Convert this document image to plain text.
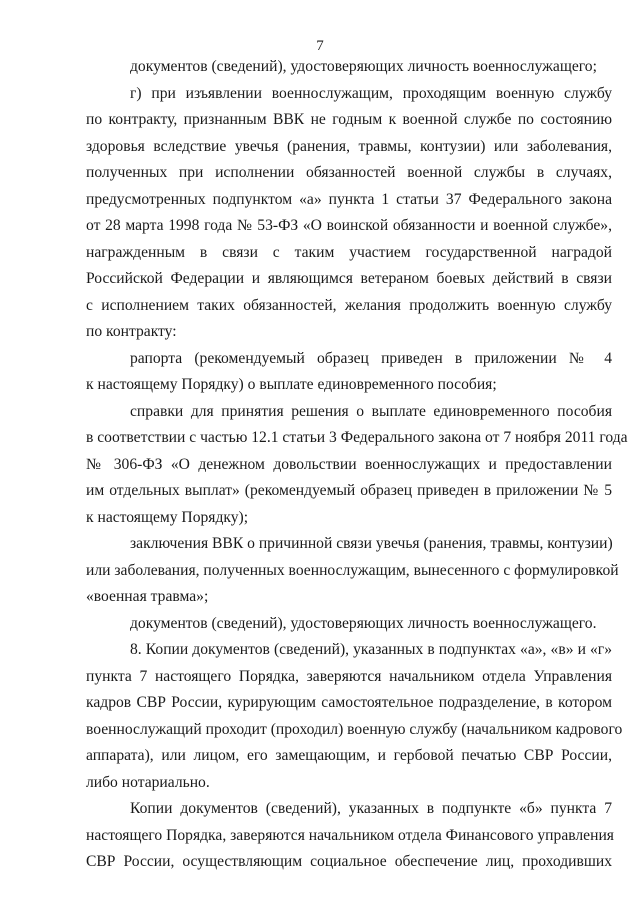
7
документов (сведений), удостоверяющих личность военнослужащего;
г) при изъявлении военнослужащим, проходящим военную службу
по контракту, признанным ВВК не годным к военной службе по состоянию
здоровья вследствие увечья (ранения, травмы, контузии) или заболевания,
полученных при исполнении обязанностей военной службы в случаях,
предусмотренных подпунктом «а» пункта 1 статьи 37 Федерального закона
от 28 марта 1998 года № 53-ФЗ «О воинской обязанности и военной службе»,
награжденным в связи с таким участием государственной наградой
Российской Федерации и являющимся ветераном боевых действий в связи
с исполнением таких обязанностей, желания продолжить военную службу
по контракту:
рапорта (рекомендуемый образец приведен в приложении № 4
к настоящему Порядку) о выплате единовременного пособия;
справки для принятия решения о выплате единовременного пособия
в соответствии с частью 12.1 статьи 3 Федерального закона от 7 ноября 2011 года
№ 306-ФЗ «О денежном довольствии военнослужащих и предоставлении
им отдельных выплат» (рекомендуемый образец приведен в приложении № 5
к настоящему Порядку);
заключения ВВК о причинной связи увечья (ранения, травмы, контузии)
или заболевания, полученных военнослужащим, вынесенного с формулировкой
«военная травма»;
документов (сведений), удостоверяющих личность военнослужащего.
8. Копии документов (сведений), указанных в подпунктах «а», «в» и «г»
пункта 7 настоящего Порядка, заверяются начальником отдела Управления
кадров СВР России, курирующим самостоятельное подразделение, в котором
военнослужащий проходит (проходил) военную службу (начальником кадрового
аппарата), или лицом, его замещающим, и гербовой печатью СВР России,
либо нотариально.
Копии документов (сведений), указанных в подпункте «б» пункта 7
настоящего Порядка, заверяются начальником отдела Финансового управления
СВР России, осуществляющим социальное обеспечение лиц, проходивших
